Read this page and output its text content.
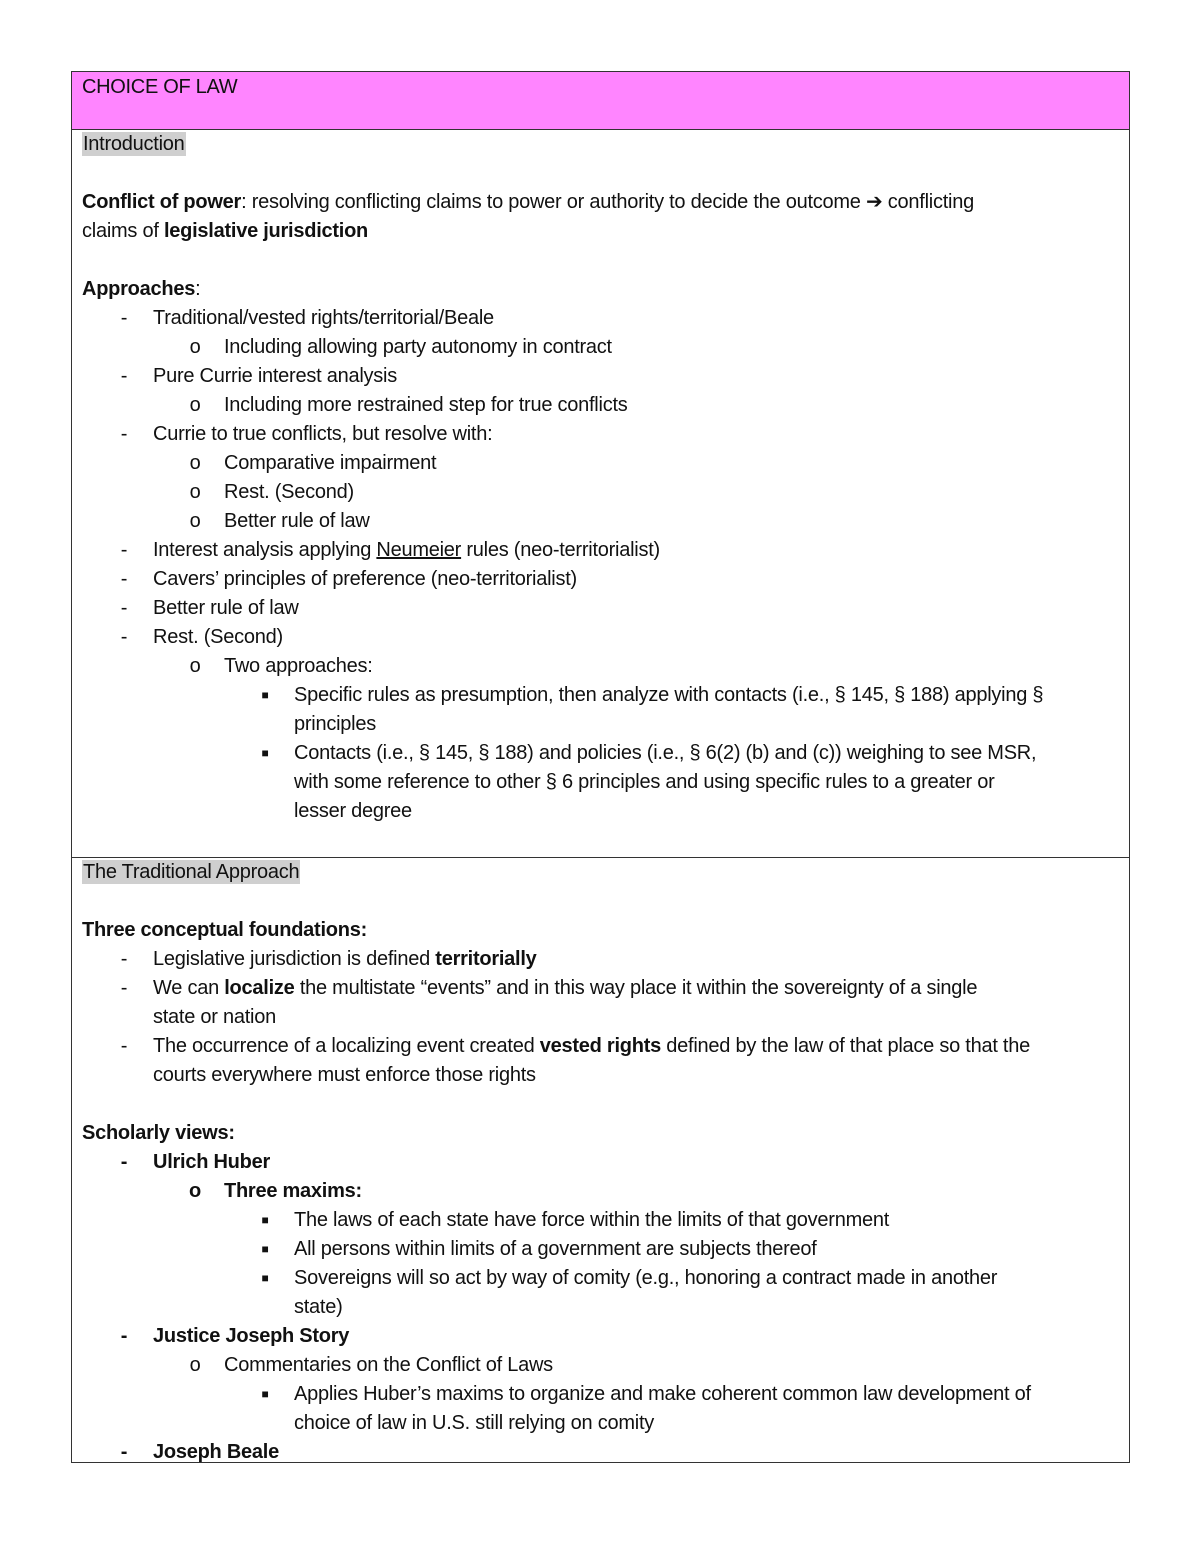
CHOICE OF LAW
Introduction
Conflict of power: resolving conflicting claims to power or authority to decide the outcome ➔ conflicting
claims of legislative jurisdiction
Approaches:
-	Traditional/vested rights/territorial/Beale
o Including allowing party autonomy in contract
-	Pure Currie interest analysis
o Including more restrained step for true conflicts
-	Currie to true conflicts, but resolve with:
o Comparative impairment
o Rest. (Second)
o Better rule of law
-	Interest analysis applying Neumeier rules (neo-territorialist)
-	Cavers’ principles of preference (neo-territorialist)
-	Better rule of law
-	Rest. (Second)
o Two approaches:
■	Specific rules as presumption, then analyze with contacts (i.e., § 145, § 188) applying §
principles
■	Contacts (i.e., § 145, § 188) and policies (i.e., § 6(2) (b) and (c)) weighing to see MSR,
with some reference to other § 6 principles and using specific rules to a greater or
lesser degree
The Traditional Approach
Three conceptual foundations:
-	Legislative jurisdiction is defined territorially
-	We can localize the multistate “events” and in this way place it within the sovereignty of a single
state or nation
-	The occurrence of a localizing event created vested rights defined by the law of that place so that the
courts everywhere must enforce those rights
Scholarly views:
-	Ulrich Huber
o Three maxims:
■	The laws of each state have force within the limits of that government
■	All persons within limits of a government are subjects thereof
■	Sovereigns will so act by way of comity (e.g., honoring a contract made in another
state)
-	Justice Joseph Story
o Commentaries on the Conflict of Laws
■	Applies Huber’s maxims to organize and make coherent common law development of
choice of law in U.S. still relying on comity
-	Joseph Beale
